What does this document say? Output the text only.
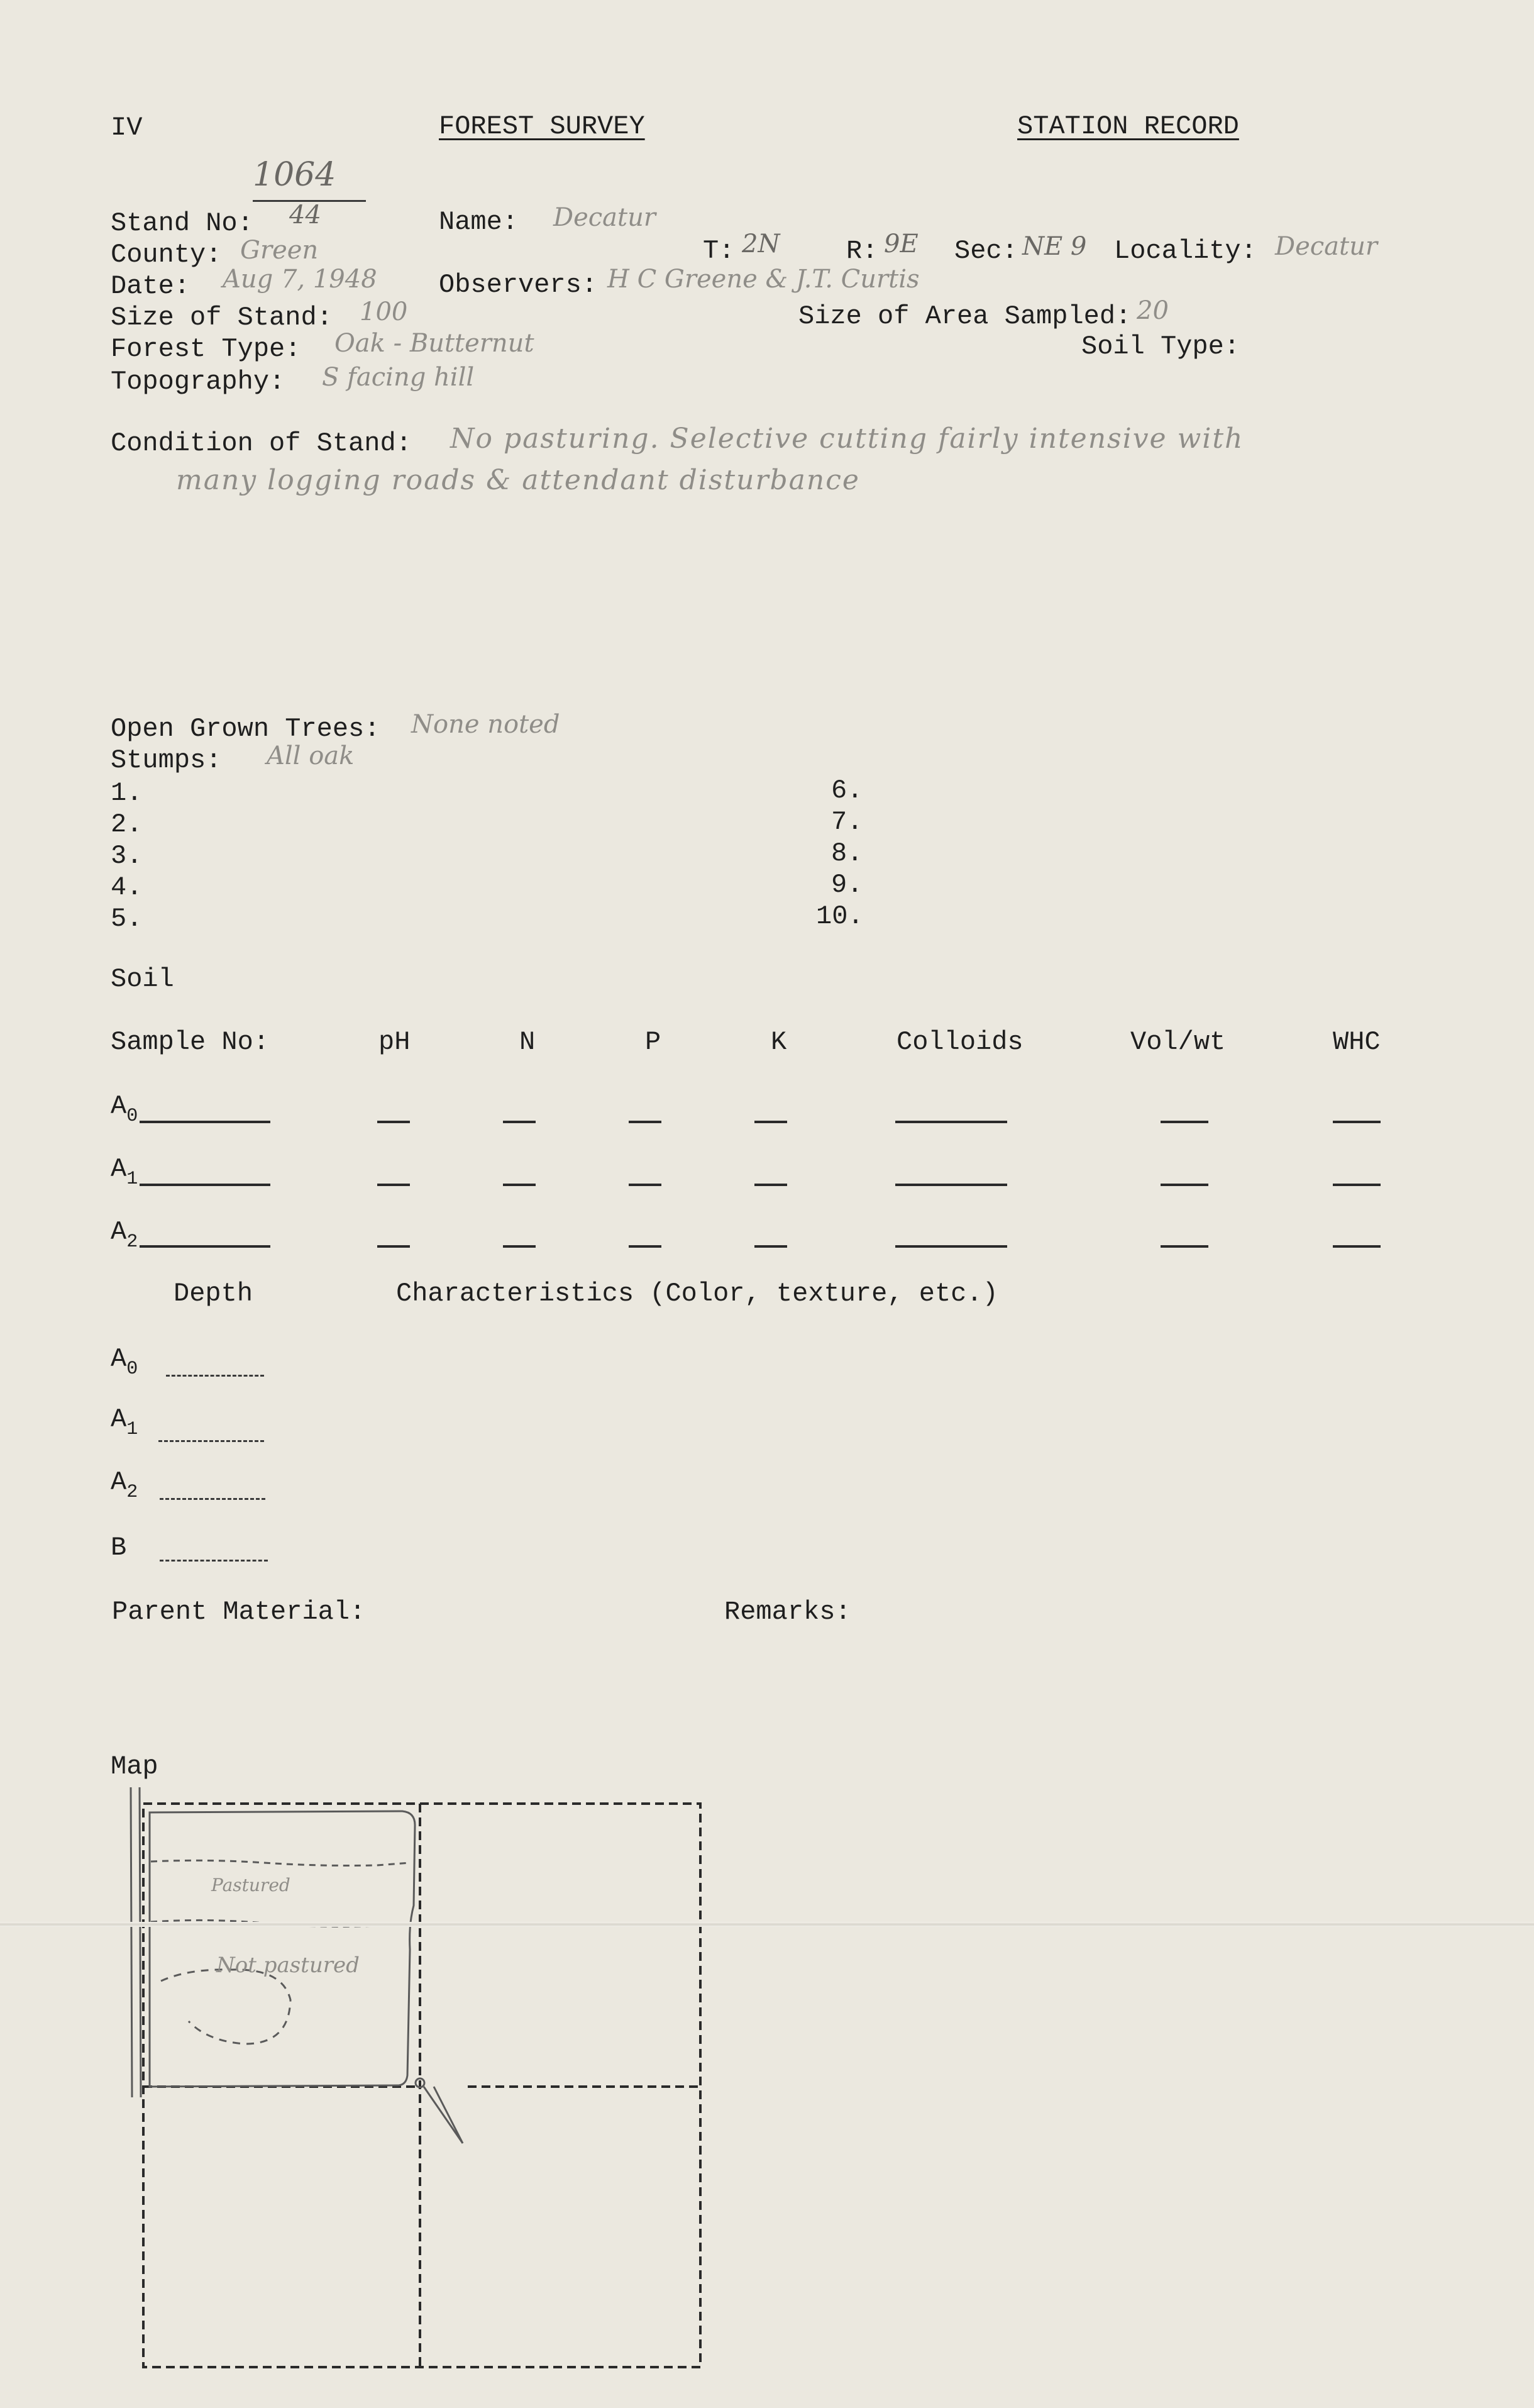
IV	FOREST SURVEY	STATION RECORD
1064
Stand No: 44	Name: Decatur
County: Green	T: 2N	R: 9E Sec: NE 9 Locality: Decatur
Date: Aug 7, 1948 Observers: H C Greene & J.T. Curtis
Size of Stand: 100	Size of Area Sampled: 20
Forest Type: Oak - Butternut	Soil Type:
Topography: S facing hill
Condition of Stand: No pasturing. Selective cutting fairly intensive with
many logging roads & attendant disturbance
Open Grown Trees: None noted
Stumps: All oak
1.
2.
3.
4.
5.
6.
7.
8.
9.
10.
Soil
Sample No:	pH	N	P	K	Colloids	Vol/wt	WHC
$A_0$
$A_1$
$A_2$
Depth	Characteristics (Color, texture, etc.)
$A_0$
$A_1$
$A_2$
B
Parent Material:	Remarks:
Map
Pastured
Not pastured
